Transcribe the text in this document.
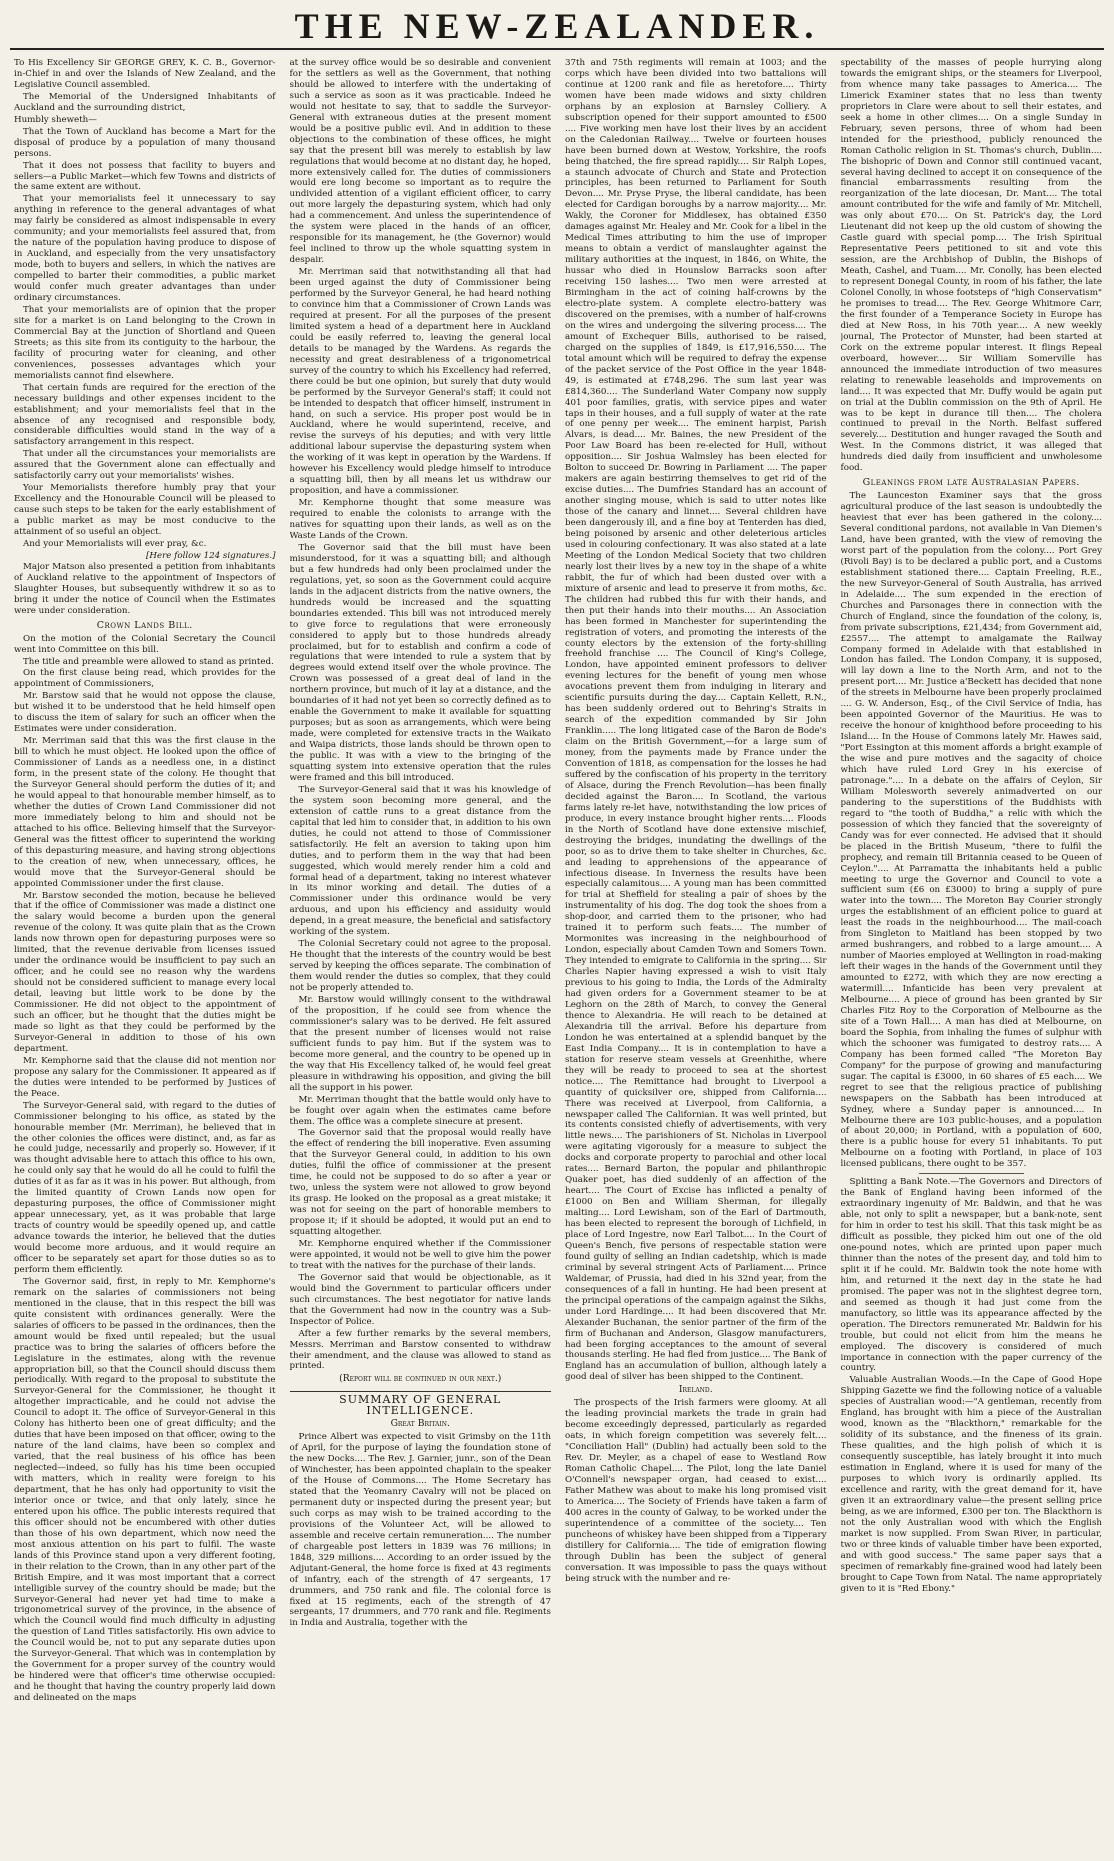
THE NEW-ZEALANDER.

To His Excellency Sir GEORGE GREY, K. C. B., Governor-in-Chief in and over the Islands of New Zealand, and the Legislative Council assembled.

The Memorial of the Undersigned Inhabitants of Auckland and the surrounding district,

Humbly sheweth—

That the Town of Auckland has become a Mart for the disposal of produce by a population of many thousand persons.

That it does not possess that facility to buyers and sellers—a Public Market—which few Towns and districts of the same extent are without.

That your memorialists feel it unnecessary to say anything in reference to the general advantages of what may fairly be considered as almost indispensable in every community; and your memorialists feel assured that, from the nature of the population having produce to dispose of in Auckland, and especially from the very unsatisfactory mode, both to buyers and sellers, in which the natives are compelled to barter their commodities, a public market would confer much greater advantages than under ordinary circumstances.

That your memorialists are of opinion that the proper site for a market is on Land belonging to the Crown in Commercial Bay at the junction of Shortland and Queen Streets; as this site from its contiguity to the harbour, the facility of procuring water for cleaning, and other conveniences, possesses advantages which your memorialists cannot find elsewhere.

That certain funds are required for the erection of the necessary buildings and other expenses incident to the establishment; and your memorialists feel that in the absence of any recognised and responsible body, considerable difficulties would stand in the way of a satisfactory arrangement in this respect.

That under all the circumstances your memorialists are assured that the Government alone can effectually and satisfactorily carry out your memorialists' wishes.

Your Memorialists therefore humbly pray that your Excellency and the Honourable Council will be pleased to cause such steps to be taken for the early establishment of a public market as may be most conducive to the attainment of so useful an object.

And your Memorialists will ever pray, &c.

[Here follow 124 signatures.]

Major Matson also presented a petition from inhabitants of Auckland relative to the appointment of Inspectors of Slaughter Houses, but subsequently withdrew it so as to bring it under the notice of Council when the Estimates were under consideration.

Crown Lands Bill.

On the motion of the Colonial Secretary the Council went into Committee on this bill.

The title and preamble were allowed to stand as printed.

On the first clause being read, which provides for the appointment of Commissioners,

Mr. Barstow said that he would not oppose the clause, but wished it to be understood that he held himself open to discuss the item of salary for such an officer when the Estimates were under consideration.

Mr. Merriman said that this was the first clause in the bill to which he must object. He looked upon the office of Commissioner of Lands as a needless one, in a distinct form, in the present state of the colony. He thought that the Surveyor General should perform the duties of it; and he would appeal to that honourable member himself, as to whether the duties of Crown Land Commissioner did not more immediately belong to him and should not be attached to his office. Believing himself that the Surveyor-General was the fittest officer to superintend the working of this depasturing measure, and having strong objections to the creation of new, when unnecessary, offices, he would move that the Surveyor-General should be appointed Commissioner under the first clause.

Mr. Barstow seconded the motion, because he believed that if the office of Commissioner was made a distinct one the salary would become a burden upon the general revenue of the colony. It was quite plain that as the Crown lands now thrown open for depasturing purposes were so limited, that the revenue derivable from licenses issued under the ordinance would be insufficient to pay such an officer, and he could see no reason why the wardens should not be considered sufficient to manage every local detail, leaving but little work to be done by the Commissioner. He did not object to the appointment of such an officer, but he thought that the duties might be made so light as that they could be performed by the Surveyor-General in addition to those of his own department.

Mr. Kemphorne said that the clause did not mention nor propose any salary for the Commissioner. It appeared as if the duties were intended to be performed by Justices of the Peace.

The Surveyor-General said, with regard to the duties of Commissioner belonging to his office, as stated by the honourable member (Mr. Merriman), he believed that in the other colonies the offices were distinct, and, as far as he could judge, necessarily and properly so. However, if it was thought advisable here to attach this office to his own, he could only say that he would do all he could to fulfil the duties of it as far as it was in his power. But although, from the limited quantity of Crown Lands now open for depasturing purposes, the office of Commissioner might appear unnecessary, yet, as it was probable that large tracts of country would be speedily opened up, and cattle advance towards the interior, he believed that the duties would become more arduous, and it would require an officer to be separately set apart for those duties so as to perform them efficiently.

The Governor said, first, in reply to Mr. Kemphorne's remark on the salaries of commissioners not being mentioned in the clause, that in this respect the bill was quite consistent with ordinances generally. Were the salaries of officers to be passed in the ordinances, then the amount would be fixed until repealed; but the usual practice was to bring the salaries of officers before the Legislature in the estimates, along with the revenue appropriation bill, so that the Council should discuss them periodically. With regard to the proposal to substitute the Surveyor-General for the Commissioner, he thought it altogether impracticable, and he could not advise the Council to adopt it. The office of Surveyor-General in this Colony has hitherto been one of great difficulty; and the duties that have been imposed on that officer, owing to the nature of the land claims, have been so complex and varied, that the real business of his office has been neglected—indeed, so fully has his time been occupied with matters, which in reality were foreign to his department, that he has only had opportunity to visit the interior once or twice, and that only lately, since he entered upon his office. The public interests required that this officer should not be encumbered with other duties than those of his own department, which now need the most anxious attention on his part to fulfil. The waste lands of this Province stand upon a very different footing, in their relation to the Crown, than in any other part of the British Empire, and it was most important that a correct intelligible survey of the country should be made; but the Surveyor-General had never yet had time to make a trigonometrical survey of the province, in the absence of which the Council would find much difficulty in adjusting the question of Land Titles satisfactorily. His own advice to the Council would be, not to put any separate duties upon the Surveyor-General. That which was in contemplation by the Government for a proper survey of the country would be hindered were that officer's time otherwise occupied: and he thought that having the country properly laid down and delineated on the maps

at the survey office would be so desirable and convenient for the settlers as well as the Government, that nothing should be allowed to interfere with the undertaking of such a service as soon as it was practicable. Indeed he would not hesitate to say, that to saddle the Surveyor-General with extraneous duties at the present moment would be a positive public evil. And in addition to these objections to the combination of these offices, he might say that the present bill was merely to establish by law regulations that would become at no distant day, he hoped, more extensively called for. The duties of commissioners would ere long become so important as to require the undivided attention of a vigilant efficient officer, to carry out more largely the depasturing system, which had only had a commencement. And unless the superintendence of the system were placed in the hands of an officer, responsible for its management, he (the Governor) would feel inclined to throw up the whole squatting system in despair.

Mr. Merriman said that notwithstanding all that had been urged against the duty of Commissioner being performed by the Surveyor General, he had heard nothing to convince him that a Commissioner of Crown Lands was required at present. For all the purposes of the present limited system a head of a department here in Auckland could be easily referred to, leaving the general local details to be managed by the Wardens. As regards the necessity and great desirableness of a trigonometrical survey of the country to which his Excellency had referred, there could be but one opinion, but surely that duty would be performed by the Surveyor General's staff; it could not be intended to despatch that officer himself, instrument in hand, on such a service. His proper post would be in Auckland, where he would superintend, receive, and revise the surveys of his deputies; and with very little additional labour supervise the depasturing system when the working of it was kept in operation by the Wardens. If however his Excellency would pledge himself to introduce a squatting bill, then by all means let us withdraw our proposition, and have a commissioner.

Mr. Kemphorne thought that some measure was required to enable the colonists to arrange with the natives for squatting upon their lands, as well as on the Waste Lands of the Crown.

The Governor said that the bill must have been misunderstood, for it was a squatting bill; and although but a few hundreds had only been proclaimed under the regulations, yet, so soon as the Government could acquire lands in the adjacent districts from the native owners, the hundreds would be increased and the squatting boundaries extended. This bill was not introduced merely to give force to regulations that were erroneously considered to apply but to those hundreds already proclaimed, but for to establish and confirm a code of regulations that were intended to rule a system that by degrees would extend itself over the whole province. The Crown was possessed of a great deal of land in the northern province, but much of it lay at a distance, and the boundaries of it had not yet been so correctly defined as to enable the Government to make it available for squatting purposes; but as soon as arrangements, which were being made, were completed for extensive tracts in the Waikato and Waipa districts, those lands should be thrown open to the public. It was with a view to the bringing of the squatting system into extensive operation that the rules were framed and this bill introduced.

The Surveyor-General said that it was his knowledge of the system soon becoming more general, and the extension of cattle runs to a great distance from the capital that led him to consider that, in addition to his own duties, he could not attend to those of Commissioner satisfactorily. He felt an aversion to taking upon him duties, and to perform them in the way that had been suggested, which would merely render him a cold and formal head of a department, taking no interest whatever in its minor working and detail. The duties of a Commissioner under this ordinance would be very arduous, and upon his efficiency and assiduity would depend, in a great measure, the beneficial and satisfactory working of the system.

The Colonial Secretary could not agree to the proposal. He thought that the interests of the country would be best served by keeping the offices separate. The combination of them would render the duties so complex, that they could not be properly attended to.

Mr. Barstow would willingly consent to the withdrawal of the proposition, if he could see from whence the commissioner's salary was to be derived. He felt assured that the present number of licenses would not raise sufficient funds to pay him. But if the system was to become more general, and the country to be opened up in the way that His Excellency talked of, he would feel great pleasure in withdrawing his opposition, and giving the bill all the support in his power.

Mr. Merriman thought that the battle would only have to be fought over again when the estimates came before them. The office was a complete sinecure at present.

The Governor said that the proposal would really have the effect of rendering the bill inoperative. Even assuming that the Surveyor General could, in addition to his own duties, fulfil the office of commissioner at the present time, he could not be supposed to do so after a year or two, unless the system were not allowed to grow beyond its grasp. He looked on the proposal as a great mistake; it was not for seeing on the part of honorable members to propose it; if it should be adopted, it would put an end to squatting altogether.

Mr. Kemphorne enquired whether if the Commissioner were appointed, it would not be well to give him the power to treat with the natives for the purchase of their lands.

The Governor said that would be objectionable, as it would bind the Government to particular officers under such circumstances. The best negotiator for native lands that the Government had now in the country was a Sub-Inspector of Police.

After a few further remarks by the several members, Messrs. Merriman and Barstow consented to withdraw their amendment, and the clause was allowed to stand as printed.

(Report will be continued in our next.)
SUMMARY OF GENERAL INTELLIGENCE.
Great Britain.

Prince Albert was expected to visit Grimsby on the 11th of April, for the purpose of laying the foundation stone of the new Docks.... The Rev. J. Garnier, junr., son of the Dean of Winchester, has been appointed chaplain to the speaker of the House of Commons.... The Home Secretary has stated that the Yeomanry Cavalry will not be placed on permanent duty or inspected during the present year; but such corps as may wish to be trained according to the provisions of the Volunteer Act, will be allowed to assemble and receive certain remuneration.... The number of chargeable post letters in 1839 was 76 millions; in 1848, 329 millions.... According to an order issued by the Adjutant-General, the home force is fixed at 43 regiments of infantry, each of the strength of 47 sergeants, 17 drummers, and 750 rank and file. The colonial force is fixed at 15 regiments, each of the strength of 47 sergeants, 17 drummers, and 770 rank and file. Regiments in India and Australia, together with the

37th and 75th regiments will remain at 1003; and the corps which have been divided into two battalions will continue at 1200 rank and file as heretofore.... Thirty women have been made widows and sixty children orphans by an explosion at Barnsley Colliery. A subscription opened for their support amounted to £500 .... Five working men have lost their lives by an accident on the Caledonian Railway.... Twelve or fourteen houses have been burned down at Westow, Yorkshire, the roofs being thatched, the fire spread rapidly.... Sir Ralph Lopes, a staunch advocate of Church and State and Protection principles, has been returned to Parliament for South Devon.... Mr. Pryse Pryse, the liberal candidate, has been elected for Cardigan boroughs by a narrow majority.... Mr. Wakly, the Coroner for Middlesex, has obtained £350 damages against Mr. Healey and Mr. Cook for a libel in the Medical Times attributing to him the use of improper means to obtain a verdict of manslaughter against the military authorities at the inquest, in 1846, on White, the hussar who died in Hounslow Barracks soon after receiving 150 lashes.... Two men were arrested at Birmingham in the act of coining half-crowns by the electro-plate system. A complete electro-battery was discovered on the premises, with a number of half-crowns on the wires and undergoing the silvering process.... The amount of Exchequer Bills, authorised to be raised, charged on the supplies of 1849, is £17,916,550.... The total amount which will be required to defray the expense of the packet service of the Post Office in the year 1848-49, is estimated at £748,296. The sum last year was £814,360.... The Sunderland Water Company now supply 401 poor families, gratis, with service pipes and water taps in their houses, and a full supply of water at the rate of one penny per week.... The eminent harpist, Parish Alvars, is dead.... Mr. Baines, the new President of the Poor Law Board has been re-elected for Hull, without opposition.... Sir Joshua Walmsley has been elected for Bolton to succeed Dr. Bowring in Parliament .... The paper makers are again bestirring themselves to get rid of the excise duties.... The Dumfries Standard has an account of another singing mouse, which is said to utter notes like those of the canary and linnet.... Several children have been dangerously ill, and a fine boy at Tenterden has died, being poisoned by arsenic and other deleterious articles used in colouring confectionary. It was also stated at a late Meeting of the London Medical Society that two children nearly lost their lives by a new toy in the shape of a white rabbit, the fur of which had been dusted over with a mixture of arsenic and lead to preserve it from moths, &c. The children had rubbed this fur with their hands, and then put their hands into their mouths.... An Association has been formed in Manchester for superintending the registration of voters, and promoting the interests of the county electors by the extension of the forty-shilling freehold franchise .... The Council of King's College, London, have appointed eminent professors to deliver evening lectures for the benefit of young men whose avocations prevent them from indulging in literary and scientific pursuits during the day.... Captain Kellett, R.N., has been suddenly ordered out to Behring's Straits in search of the expedition commanded by Sir John Franklin..... The long litigated case of the Baron de Bode's claim on the British Government,—for a large sum of money, from the payments made by France under the Convention of 1818, as compensation for the losses he had suffered by the confiscation of his property in the territory of Alsace, during the French Revolution—has been finally decided against the Baron.... In Scotland, the various farms lately re-let have, notwithstanding the low prices of produce, in every instance brought higher rents.... Floods in the North of Scotland have done extensive mischief, destroying the bridges, inundating the dwellings of the poor, so as to drive them to take shelter in Churches, &c. and leading to apprehensions of the appearance of infectious disease. In Inverness the results have been especially calamitous.... A young man has been committed for trial at Sheffield for stealing a pair of shoes by the instrumentality of his dog. The dog took the shoes from a shop-door, and carried them to the prisoner, who had trained it to perform such feats.... The number of Mormonites was increasing in the neighbourhood of London, especially about Camden Town and Somers Town. They intended to emigrate to California in the spring.... Sir Charles Napier having expressed a wish to visit Italy previous to his going to India, the Lords of the Admiralty had given orders for a Government steamer to be at Leghorn on the 28th of March, to convey the General thence to Alexandria. He will reach to be detained at Alexandria till the arrival. Before his departure from London he was entertained at a splendid banquet by the East India Company.... It is in contemplation to have a station for reserve steam vessels at Greenhithe, where they will be ready to proceed to sea at the shortest notice.... The Remittance had brought to Liverpool a quantity of quicksilver ore, shipped from California.... There was received at Liverpool, from California, a newspaper called The Californian. It was well printed, but its contents consisted chiefly of advertisements, with very little news.... The parishioners of St. Nicholas in Liverpool were agitating vigorously for a measure to subject the docks and corporate property to parochial and other local rates.... Bernard Barton, the popular and philanthropic Quaker poet, has died suddenly of an affection of the heart.... The Court of Excise has inflicted a penalty of £1000 on Ben and William Sherman, for illegally malting.... Lord Lewisham, son of the Earl of Dartmouth, has been elected to represent the borough of Lichfield, in place of Lord Ingestre, now Earl Talbot.... In the Court of Queen's Bench, five persons of respectable station were found guilty of selling an Indian cadetship, which is made criminal by several stringent Acts of Parliament.... Prince Waldemar, of Prussia, had died in his 32nd year, from the consequences of a fall in hunting. He had been present at the principal operations of the campaign against the Sikhs, under Lord Hardinge.... It had been discovered that Mr. Alexander Buchanan, the senior partner of the firm of the firm of Buchanan and Anderson, Glasgow manufacturers, had been forging acceptances to the amount of several thousands sterling. He had fled from justice.... The Bank of England has an accumulation of bullion, although lately a good deal of silver has been shipped to the Continent.

Ireland.

The prospects of the Irish farmers were gloomy. At all the leading provincial markets the trade in grain had become exceedingly depressed, particularly as regarded oats, in which foreign competition was severely felt.... "Conciliation Hall" (Dublin) had actually been sold to the Rev. Dr. Meyler, as a chapel of ease to Westland Row Roman Catholic Chapel.... The Pilot, long the late Daniel O'Connell's newspaper organ, had ceased to exist.... Father Mathew was about to make his long promised visit to America.... The Society of Friends have taken a farm of 400 acres in the county of Galway, to be worked under the superintendence of a committee of the society.... Ten puncheons of whiskey have been shipped from a Tipperary distillery for California.... The tide of emigration flowing through Dublin has been the subject of general conversation. It was impossible to pass the quays without being struck with the number and re-

spectability of the masses of people hurrying along towards the emigrant ships, or the steamers for Liverpool, from whence many take passages to America.... The Limerick Examiner states that no less than twenty proprietors in Clare were about to sell their estates, and seek a home in other climes.... On a single Sunday in February, seven persons, three of whom had been intended for the priesthood, publicly renounced the Roman Catholic religion in St. Thomas's church, Dublin.... The bishopric of Down and Connor still continued vacant, several having declined to accept it on consequence of the financial embarrassments resulting from the reorganization of the late diocesan, Dr. Mant.... The total amount contributed for the wife and family of Mr. Mitchell, was only about £70.... On St. Patrick's day, the Lord Lieutenant did not keep up the old custom of showing the Castle guard with special pomp.... The Irish Spiritual Representative Peers petitioned to sit and vote this session, are the Archbishop of Dublin, the Bishops of Meath, Cashel, and Tuam.... Mr. Conolly, has been elected to represent Donegal County, in room of his father, the late Colonel Conolly, in whose footsteps of "high Conservatism" he promises to tread.... The Rev. George Whitmore Carr, the first founder of a Temperance Society in Europe has died at New Ross, in his 70th year.... A new weekly journal, The Protector of Munster, had been started at Cork on the extreme popular interest. It flings Repeal overboard, however.... Sir William Somerville has announced the immediate introduction of two measures relating to renewable leaseholds and improvements on land.... It was expected that Mr. Duffy would be again put on trial at the Dublin commission on the 9th of April. He was to be kept in durance till then.... The cholera continued to prevail in the North. Belfast suffered severely.... Destitution and hunger ravaged the South and West. In the Commons district, it was alleged that hundreds died daily from insufficient and unwholesome food.

Gleanings from late Australasian Papers.

The Launceston Examiner says that the gross agricultural produce of the last season is undoubtedly the heaviest that ever has been gathered in the colony.... Several conditional pardons, not available in Van Diemen's Land, have been granted, with the view of removing the worst part of the population from the colony.... Port Grey (Rivoli Bay) is to be declared a public port, and a Customs establishment stationed there.... Captain Freeling, R.E., the new Surveyor-General of South Australia, has arrived in Adelaide.... The sum expended in the erection of Churches and Parsonages there in connection with the Church of England, since the foundation of the colony, is, from private subscriptions, £21,434; from Government aid, £2557.... The attempt to amalgamate the Railway Company formed in Adelaide with that established in London has failed. The London Company, it is supposed, will lay down a line to the North Arm, and not to the present port.... Mr. Justice a'Beckett has decided that none of the streets in Melbourne have been properly proclaimed .... G. W. Anderson, Esq., of the Civil Service of India, has been appointed Governor of the Mauritius. He was to receive the honour of knighthood before proceeding to his Island.... In the House of Commons lately Mr. Hawes said, "Port Essington at this moment affords a bright example of the wise and pure motives and the sagacity of choice which have ruled Lord Grey in his exercise of patronage.".... In a debate on the affairs of Ceylon, Sir William Molesworth severely animadverted on our pandering to the superstitions of the Buddhists with regard to "the tooth of Buddha," a relic with which the possession of which they fancied that the sovereignty of Candy was for ever connected. He advised that it should be placed in the British Museum, "there to fulfil the prophecy, and remain till Britannia ceased to be Queen of Ceylon.".... At Parramatta the inhabitants held a public meeting to urge the Governor and Council to vote a sufficient sum (£6 on £3000) to bring a supply of pure water into the town.... The Moreton Bay Courier strongly urges the establishment of an efficient police to guard at least the roads in the neighbourhood.... The mail-coach from Singleton to Maitland has been stopped by two armed bushrangers, and robbed to a large amount.... A number of Maories employed at Wellington in road-making left their wages in the hands of the Government until they amounted to £272, with which they are now erecting a watermill.... Infanticide has been very prevalent at Melbourne.... A piece of ground has been granted by Sir Charles Fitz Roy to the Corporation of Melbourne as the site of a Town Hall.... A man has died at Melbourne, on board the Sophia, from inhaling the fumes of sulphur with which the schooner was fumigated to destroy rats.... A Company has been formed called "The Moreton Bay Company" for the purpose of growing and manufacturing sugar. The capital is £3000, in 60 shares of £5 each.... We regret to see that the religious practice of publishing newspapers on the Sabbath has been introduced at Sydney, where a Sunday paper is announced.... In Melbourne there are 103 public-houses, and a population of about 20,000; in Portland, with a population of 600, there is a public house for every 51 inhabitants. To put Melbourne on a footing with Portland, in place of 103 licensed publicans, there ought to be 357.

Splitting a Bank Note.—The Governors and Directors of the Bank of England having been informed of the extraordinary ingenuity of Mr. Baldwin, and that he was able, not only to split a newspaper, but a bank-note, sent for him in order to test his skill. That this task might be as difficult as possible, they picked him out one of the old one-pound notes, which are printed upon paper much thinner than the notes of the present day, and told him to split it if he could. Mr. Baldwin took the note home with him, and returned it the next day in the state he had promised. The paper was not in the slightest degree torn, and seemed as though it had just come from the manufactory, so little was its appearance affected by the operation. The Directors remunerated Mr. Baldwin for his trouble, but could not elicit from him the means he employed. The discovery is considered of much importance in connection with the paper currency of the country.

Valuable Australian Woods.—In the Cape of Good Hope Shipping Gazette we find the following notice of a valuable species of Australian wood:—"A gentleman, recently from England, has brought with him a piece of the Australian wood, known as the "Blackthorn," remarkable for the solidity of its substance, and the fineness of its grain. These qualities, and the high polish of which it is consequently susceptible, has lately brought it into much estimation in England, where it is used for many of the purposes to which ivory is ordinarily applied. Its excellence and rarity, with the great demand for it, have given it an extraordinary value—the present selling price being, as we are informed, £300 per ton. The Blackthorn is not the only Australian wood with which the English market is now supplied. From Swan River, in particular, two or three kinds of valuable timber have been exported, and with good success." The same paper says that a specimen of remarkably fine-grained wood had lately been brought to Cape Town from Natal. The name appropriately given to it is "Red Ebony."
